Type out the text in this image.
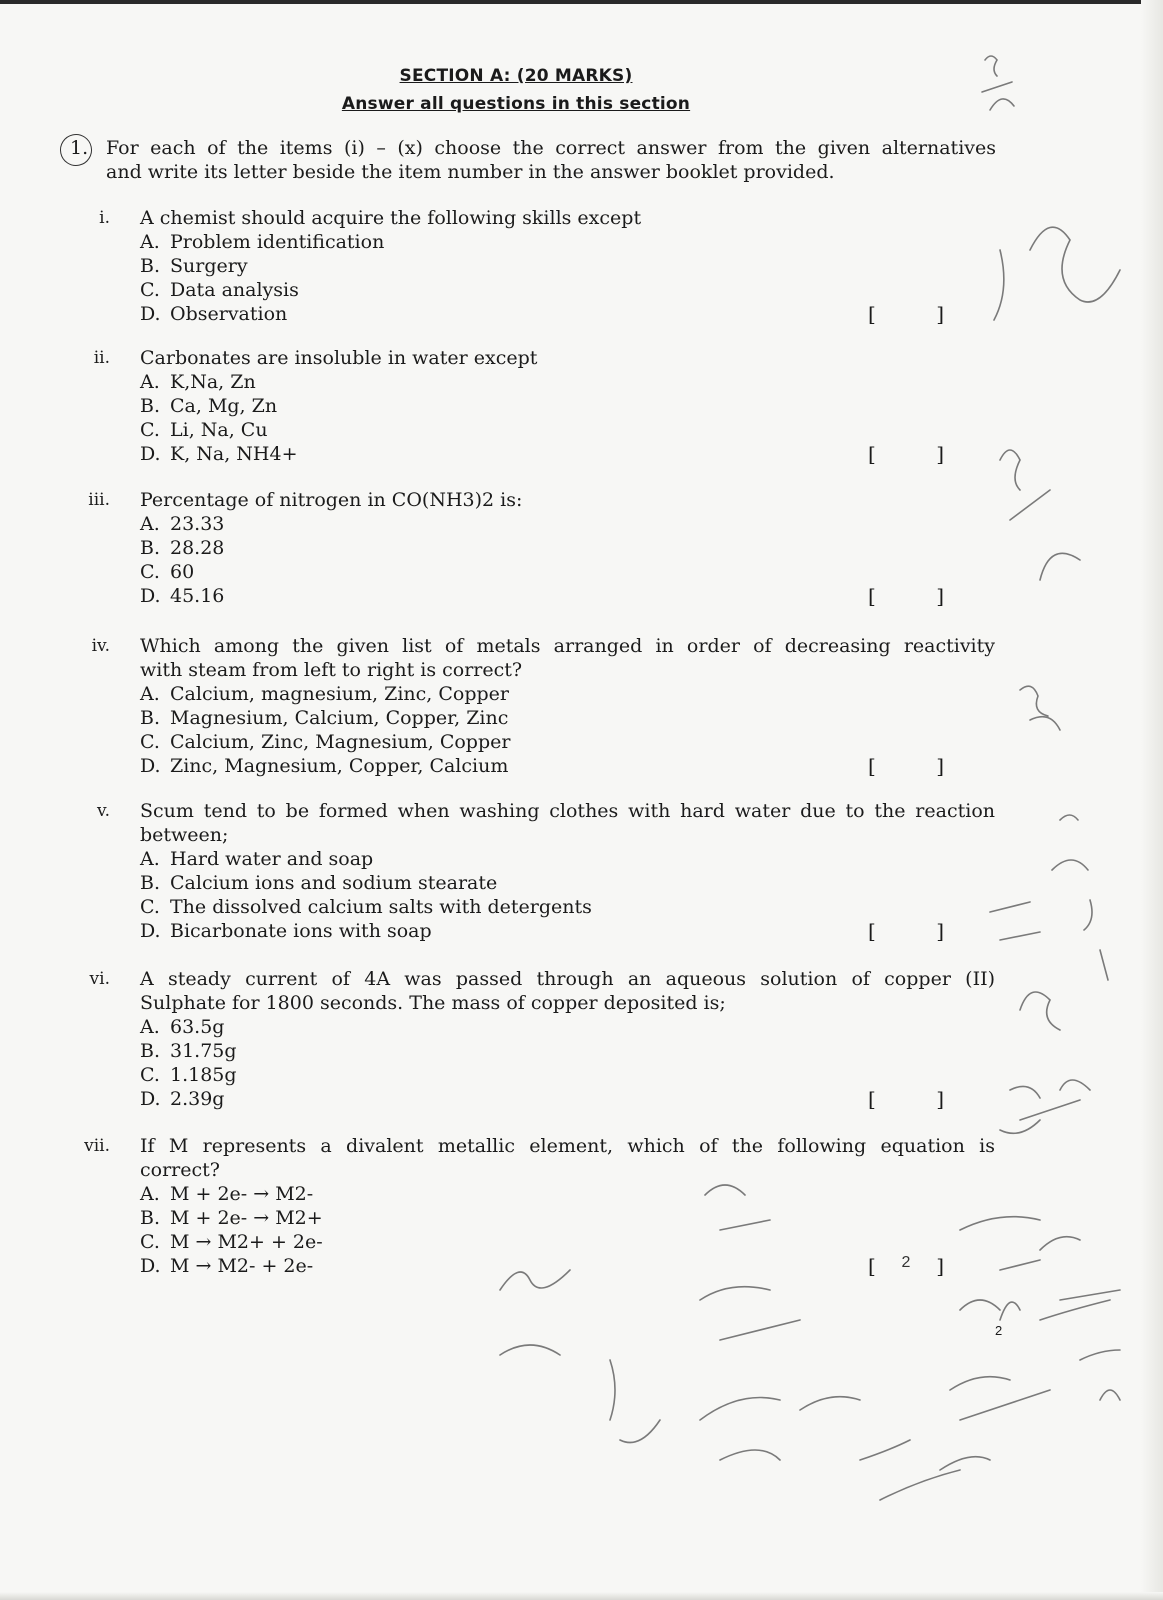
SECTION A: (20 MARKS)
Answer all questions in this section
1. For each of the items (i) – (x) choose the correct answer from the given alternatives
and write its letter beside the item number in the answer booklet provided.
i. A chemist should acquire the following skills except
A. Problem identification
B. Surgery
C. Data analysis
D. Observation	[	]
ii. Carbonates are insoluble in water except
A. K,Na, Zn
B. Ca, Mg, Zn
C. Li, Na, Cu
D. K, Na, NH4+	[	]
iii. Percentage of nitrogen in CO(NH3)2 is:
A. 23.33
B. 28.28
C. 60
D. 45.16	[	]
iv. Which among the given list of metals arranged in order of decreasing reactivity
with steam from left to right is correct?
A. Calcium, magnesium, Zinc, Copper
B. Magnesium, Calcium, Copper, Zinc
C. Calcium, Zinc, Magnesium, Copper
D. Zinc, Magnesium, Copper, Calcium	[	]
v. Scum tend to be formed when washing clothes with hard water due to the reaction
between;
A. Hard water and soap
B. Calcium ions and sodium stearate
C. The dissolved calcium salts with detergents
D. Bicarbonate ions with soap	[	]
vi. A steady current of 4A was passed through an aqueous solution of copper (II)
Sulphate for 1800 seconds. The mass of copper deposited is;
A. 63.5g
B. 31.75g
C. 1.185g
D. 2.39g	[	]
vii. If M represents a divalent metallic element, which of the following equation is
correct?
A. M + 2e- → M2-
B. M + 2e- → M2+
C. M → M2+ + 2e-
D. M → M2- + 2e-	[ 2 ]
2
